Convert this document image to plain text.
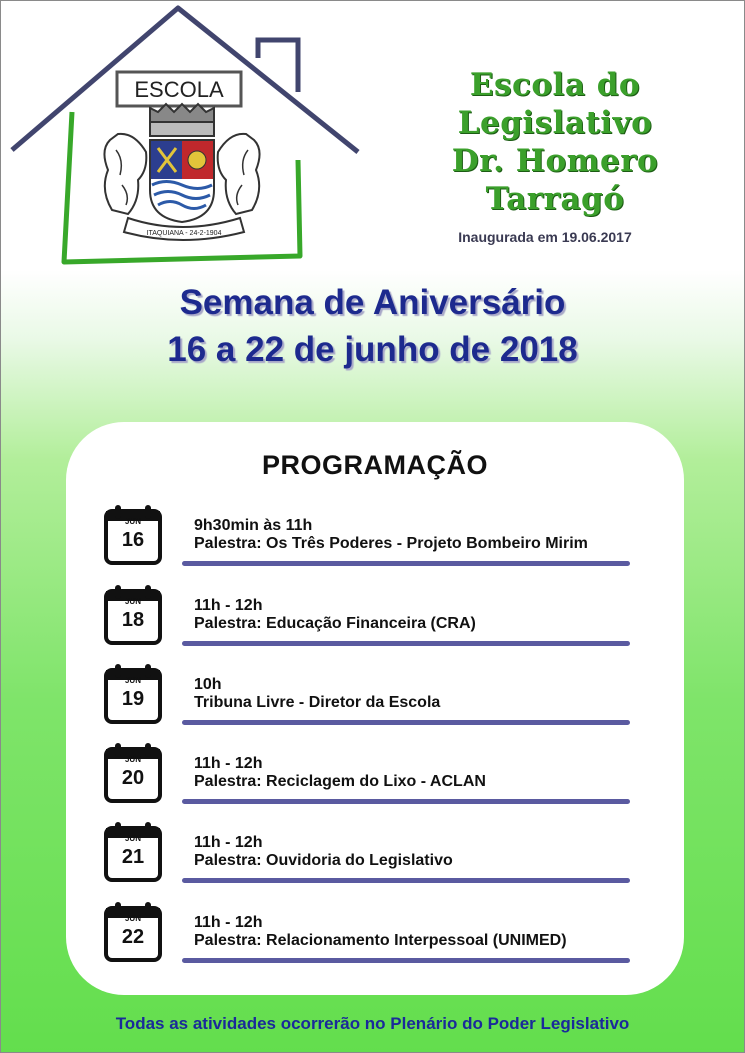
ESCOLA
ITAQUIANA - 24-2-1904
Escola do
Legislativo
Dr. Homero
Tarragó
Inaugurada em 19.06.2017
Semana de Aniversário
16 a 22 de junho de 2018
PROGRAMAÇÃO
JUN
16
9h30min às 11h
Palestra: Os Três Poderes - Projeto Bombeiro Mirim
JUN
18
11h - 12h
Palestra: Educação Financeira (CRA)
JUN
19
10h
Tribuna Livre - Diretor da Escola
JUN
20
11h - 12h
Palestra: Reciclagem do Lixo - ACLAN
JUN
21
11h - 12h
Palestra: Ouvidoria do Legislativo
JUN
22
11h - 12h
Palestra: Relacionamento Interpessoal (UNIMED)
Todas as atividades ocorrerão no Plenário do Poder Legislativo
